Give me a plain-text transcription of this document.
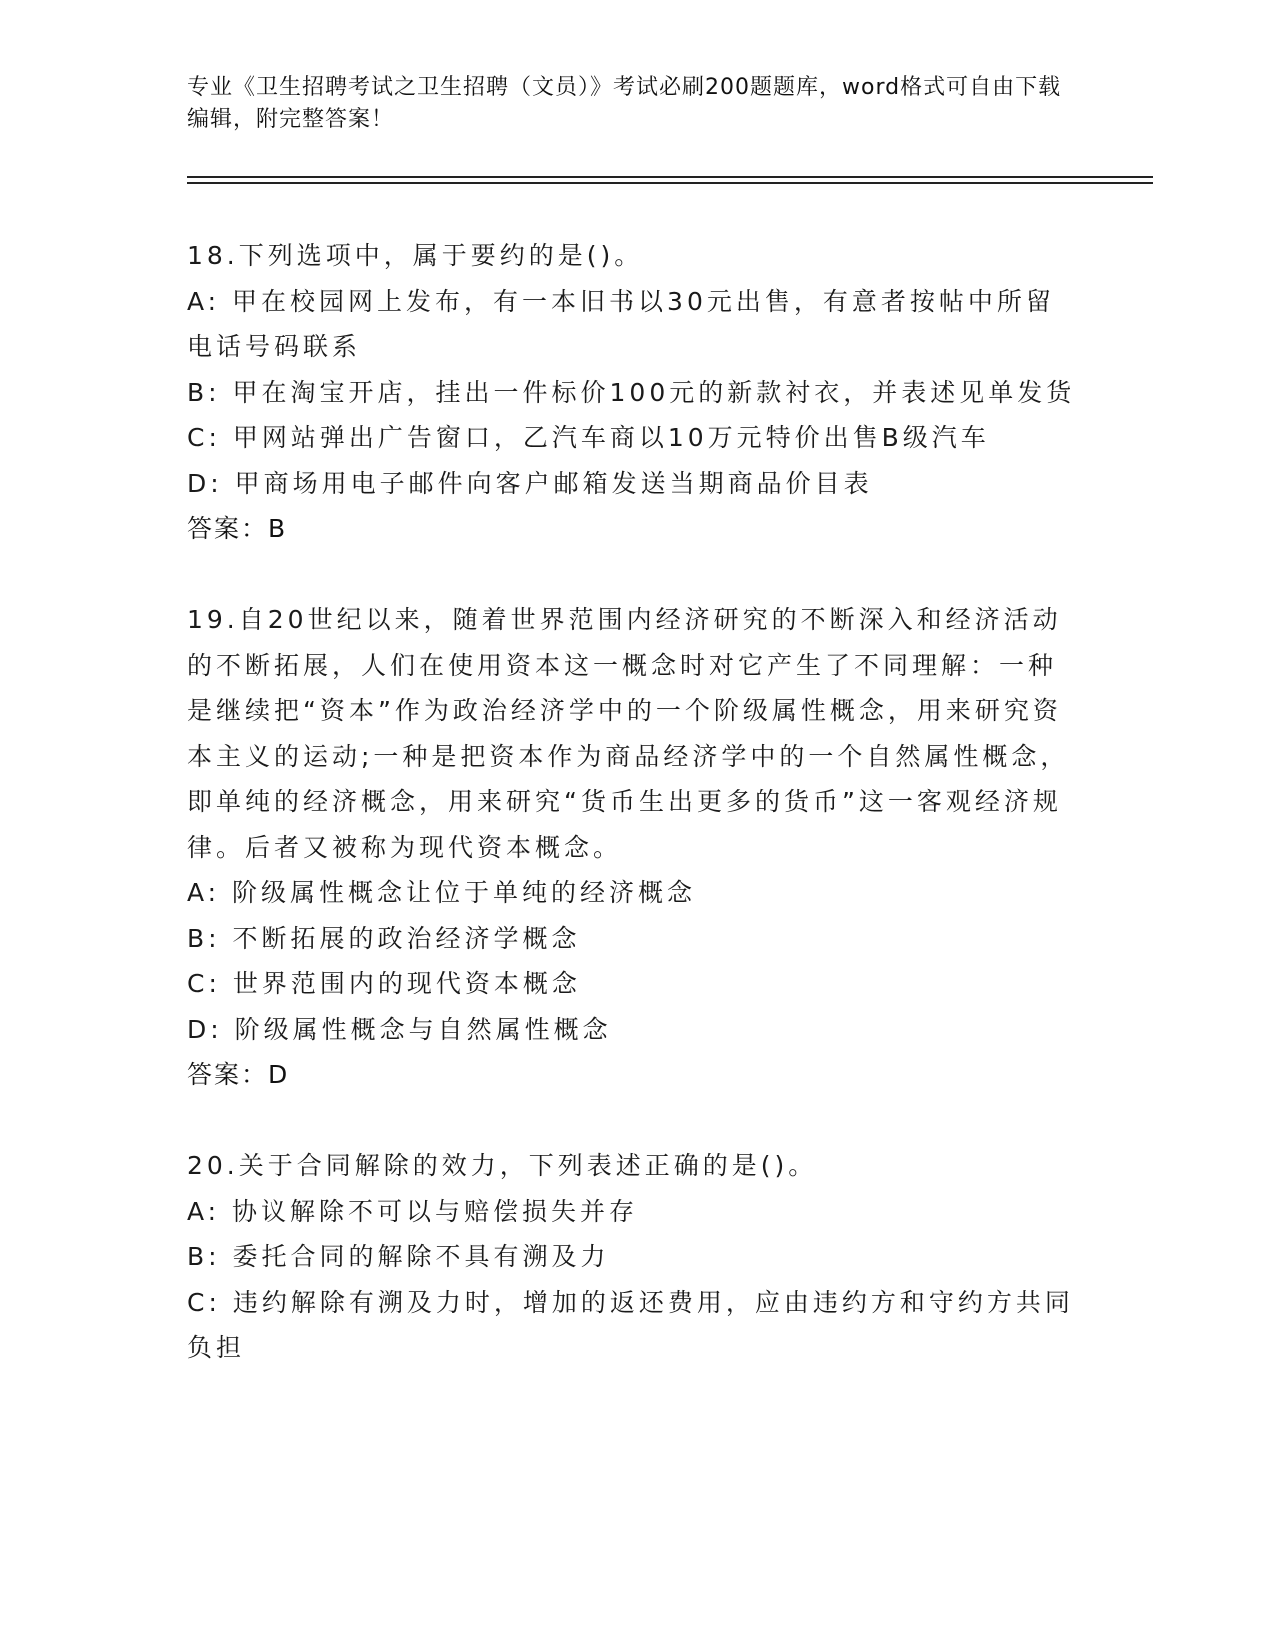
专业《卫生招聘考试之卫生招聘（文员）》考试必刷200题题库，word格式可自由下载编辑，附完整答案！

18.下列选项中，属于要约的是()。

A: 甲在校园网上发布，有一本旧书以30元出售，有意者按帖中所留电话号码联系

B: 甲在淘宝开店，挂出一件标价100元的新款衬衣，并表述见单发货

C: 甲网站弹出广告窗口，乙汽车商以10万元特价出售B级汽车

D: 甲商场用电子邮件向客户邮箱发送当期商品价目表

答案：B

19.自20世纪以来，随着世界范围内经济研究的不断深入和经济活动的不断拓展，人们在使用资本这一概念时对它产生了不同理解：一种是继续把“资本”作为政治经济学中的一个阶级属性概念，用来研究资本主义的运动;一种是把资本作为商品经济学中的一个自然属性概念，即单纯的经济概念，用来研究“货币生出更多的货币”这一客观经济规律。后者又被称为现代资本概念。

A: 阶级属性概念让位于单纯的经济概念

B: 不断拓展的政治经济学概念

C: 世界范围内的现代资本概念

D: 阶级属性概念与自然属性概念

答案：D

20.关于合同解除的效力，下列表述正确的是()。

A: 协议解除不可以与赔偿损失并存

B: 委托合同的解除不具有溯及力

C: 违约解除有溯及力时，增加的返还费用，应由违约方和守约方共同负担
